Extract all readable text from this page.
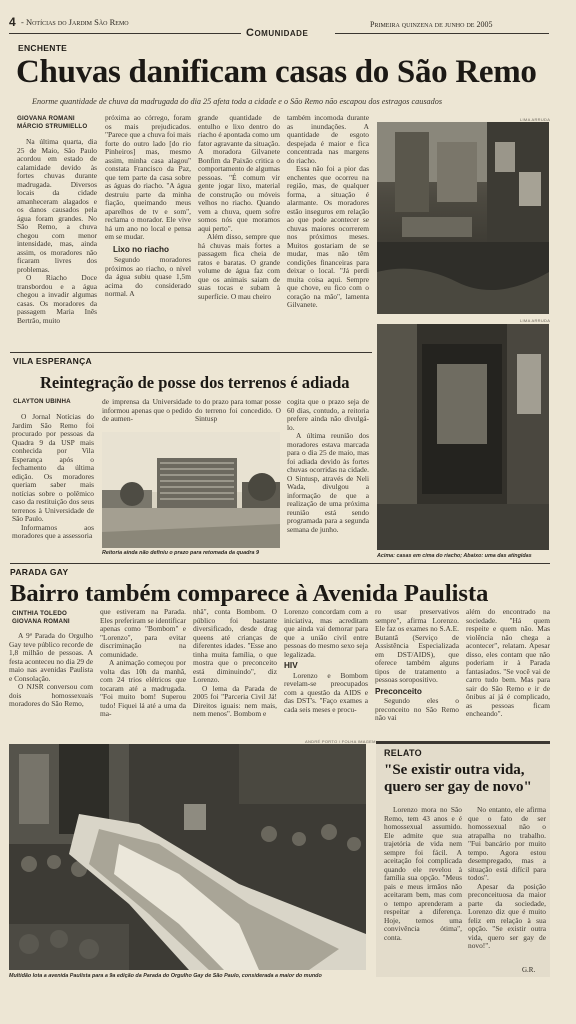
4 - Notícias do Jardim São Remo
Comunidade
Primeira quinzena de junho de 2005
ENCHENTE
Chuvas danificam casas do São Remo
Enorme quantidade de chuva da madrugada do dia 25 afeta toda a cidade e o São Remo não escapou dos estragos causados
GIOVANA ROMANI
MÁRCIO STRUMIELLO

Na última quarta, dia 25 de Maio, São Paulo acordou em estado de calamidade devido às fortes chuvas durante madrugada. Diversos locais da cidade amanheceram alagados e os danos causados pela água foram grandes. No São Remo, a chuva chegou com menor intensidade, mas, ainda assim, os moradores não ficaram livres dos problemas.

O Riacho Doce transbordou e a água chegou a invadir algumas casas. Os moradores da passagem Maria Inês Bertrão, muito

próxima ao córrego, foram os mais prejudicados. "Parece que a chuva foi mais forte do outro lado [do rio Pinheiros] mas, mesmo assim, minha casa alagou" constata Francisco da Paz, que tem parte da casa sobre as águas do riacho. "A água destruiu parte da minha fiação, queimando meus aparelhos de tv e som", reclama o morador. Ele vive há um ano no local e pensa em se mudar.

Lixo no riacho

Segundo moradores próximos ao riacho, o nível da água subiu quase 1,5m acima do considerado normal. A

grande quantidade de entulho e lixo dentro do riacho é apontada como um fator agravante da situação. A moradora Gilvanete Bonfim da Paixão critica o comportamento de algumas pessoas. "É comum vir gente jogar lixo, material de construção ou móveis velhos no riacho. Quando vem a chuva, quem sofre somos nós que moramos aqui perto".

Além disso, sempre que há chuvas mais fortes a passagem fica cheia de ratos e baratas. O grande volume de água faz com que os animais saiam de suas tocas e subam à superfície. O mau cheiro

também incomoda durante as inundações. A quantidade de esgoto despejada é maior e fica concentrada nas margens do riacho.

Essa não foi a pior das enchentes que ocorreu na região, mas, de qualquer forma, a situação é alarmante. Os moradores estão inseguros em relação ao que pode acontecer se chuvas maiores ocorrerem nos próximos meses. Muitos gostariam de se mudar, mas não têm condições financeiras para deixar o local. "Já perdi muita coisa aqui. Sempre que chove, eu fico com o coração na mão", lamenta Gilvanete.

LIMA ARRUDA
LIMA ARRUDA
Acima: casas em cima do riacho; Abaixo: uma das atingidas
VILA ESPERANÇA
Reintegração de posse dos terrenos é adiada
CLAYTON UBINHA

O Jornal Notícias do Jardim São Remo foi procurado por pessoas da Quadra 9 da USP mais conhecida por Vila Esperança após o fechamento da última edição. Os moradores queriam saber mais notícias sobre o polêmico caso da restituição dos seus terrenos à Universidade de São Paulo.

Informamos aos moradores que a assessoria

de imprensa da Universidade informou apenas que o pedido de aumen-

to do prazo para tomar posse do terreno foi concedido. O Sintusp

cogita que o prazo seja de 60 dias, contudo, a reitoria prefere ainda não divulgá-lo.

A última reunião dos moradores estava marcada para o dia 25 de maio, mas foi adiada devido às fortes chuvas ocorridas na cidade. O Sintusp, através de Neli Wada, divulgou a informação de que a realização de uma próxima reunião está sendo programada para a segunda semana de junho.

Reitoria ainda não definiu o prazo para retomada da quadra 9
PARADA GAY
Bairro também comparece à Avenida Paulista
CINTHIA TOLEDO
GIOVANA ROMANI

A 9ª Parada do Orgulho Gay teve público recorde de 1,8 milhão de pessoas. A festa aconteceu no dia 29 de maio nas avenidas Paulista e Consolação.

O NJSR conversou com dois homossexuais moradores do São Remo,

que estiveram na Parada. Eles preferiram se identificar apenas como "Bombom" e "Lorenzo", para evitar discriminação na comunidade.

A animação começou por volta das 10h da manhã, com 24 trios elétricos que tocaram até a madrugada. "Foi muito bom! Superou tudo! Fiquei lá até a uma da ma-

nhã", conta Bombom. O público foi bastante diversificado, desde drag queens até crianças de diferentes idades. "Esse ano tinha muita família, o que mostra que o preconceito está diminuindo", diz Lorenzo.

O lema da Parada de 2005 foi "Parceria Civil Já! Direitos iguais: nem mais, nem menos". Bombom e

Lorenzo concordam com a iniciativa, mas acreditam que ainda vai demorar para que a união civil entre pessoas do mesmo sexo seja legalizada.

HIV

Lorenzo e Bombom revelam-se preocupados com a questão da AIDS e das DST's. "Faço exames a cada seis meses e procu-

ro usar preservativos sempre", afirma Lorenzo. Ele faz os exames no S.A.E. Butantã (Serviço de Assistência Especializada em DST/AIDS), que oferece também alguns tipos de tratamento a pessoas soropositivo.

Preconceito

Segundo eles o preconceito no São Remo não vai

além do encontrado na sociedade. "Há quem respeite e quem não. Mas violência não chega a acontecer", relatam. Apesar disso, eles contam que não poderiam ir à Parada fantasiados. "Se você vai de carro tudo bem. Mas para sair do São Remo e ir de ônibus aí já é complicado, as pessoas ficam encheando".

ANDRÉ PORTO / FOLHA IMAGEM
Multidão lota a avenida Paulista para a 9a edição da Parada do Orgulho Gay de São Paulo, considerada a maior do mundo
RELATO
"Se existir outra vida, quero ser gay de novo"

Lorenzo mora no São Remo, tem 43 anos e é homossexual assumido. Ele admite que sua trajetória de vida nem sempre foi fácil. A aceitação foi complicada quando ele revelou à família sua opção. "Meus pais e meus irmãos não aceitaram bem, mas com o tempo aprenderam a respeitar a diferença. Hoje, temos uma convivência ótima", conta.

No entanto, ele afirma que o fato de ser homossexual não o atrapalha no trabalho. "Fui bancário por muito tempo. Agora estou desempregado, mas a situação está difícil para todos".

Apesar da posição preconceituosa da maior parte da sociedade, Lorenzo diz que é muito feliz em relação à sua opção. "Se existir outra vida, quero ser gay de novo!".

G.R.
